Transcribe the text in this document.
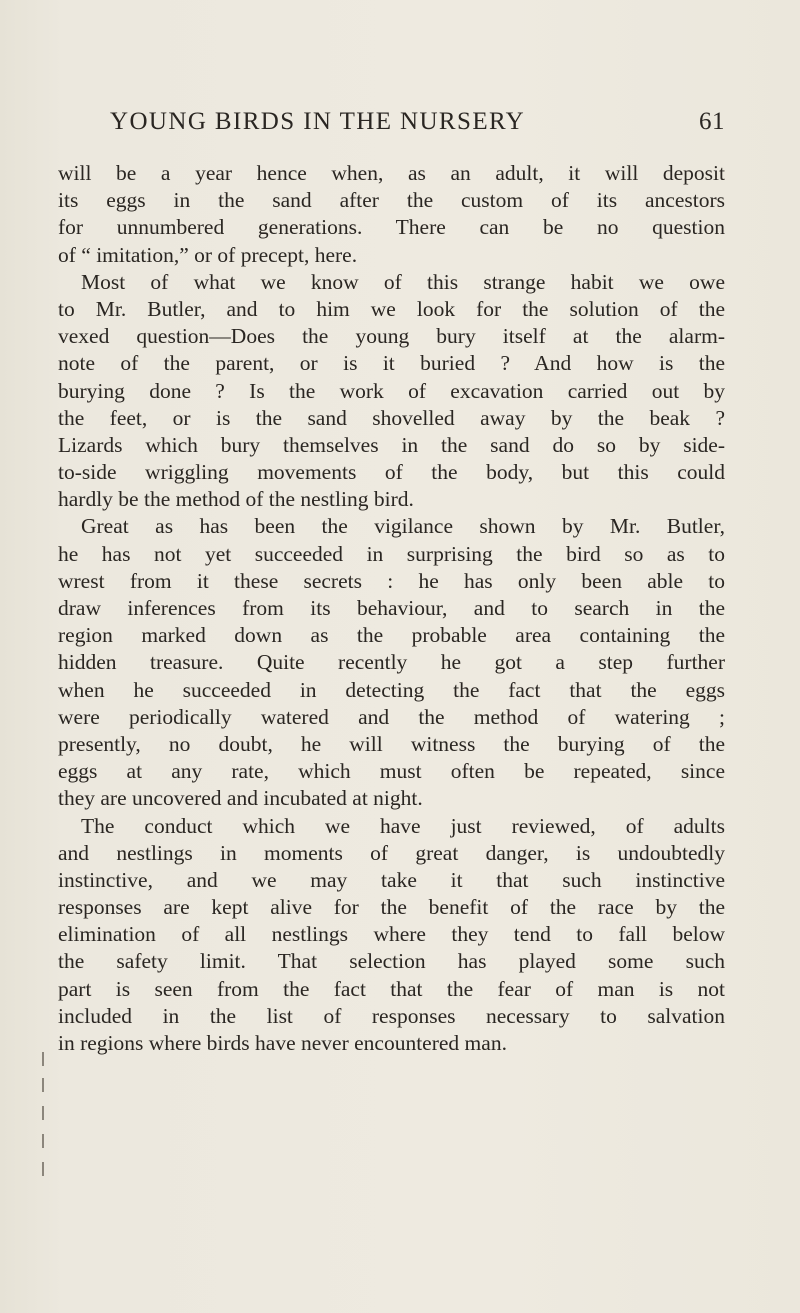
YOUNG BIRDS IN THE NURSERY	61
will be a year hence when, as an adult, it will deposit
its eggs in the sand after the custom of its ancestors
for unnumbered generations. There can be no question
of “ imitation,” or of precept, here.
Most of what we know of this strange habit we owe
to Mr. Butler, and to him we look for the solution of the
vexed question—Does the young bury itself at the alarm-
note of the parent, or is it buried ? And how is the
burying done ? Is the work of excavation carried out by
the feet, or is the sand shovelled away by the beak ?
Lizards which bury themselves in the sand do so by side-
to-side wriggling movements of the body, but this could
hardly be the method of the nestling bird.
Great as has been the vigilance shown by Mr. Butler,
he has not yet succeeded in surprising the bird so as to
wrest from it these secrets : he has only been able to
draw inferences from its behaviour, and to search in the
region marked down as the probable area containing the
hidden treasure. Quite recently he got a step further
when he succeeded in detecting the fact that the eggs
were periodically watered and the method of watering ;
presently, no doubt, he will witness the burying of the
eggs at any rate, which must often be repeated, since
they are uncovered and incubated at night.
The conduct which we have just reviewed, of adults
and nestlings in moments of great danger, is undoubtedly
instinctive, and we may take it that such instinctive
responses are kept alive for the benefit of the race by the
elimination of all nestlings where they tend to fall below
the safety limit. That selection has played some such
part is seen from the fact that the fear of man is not
included in the list of responses necessary to salvation
in regions where birds have never encountered man.
